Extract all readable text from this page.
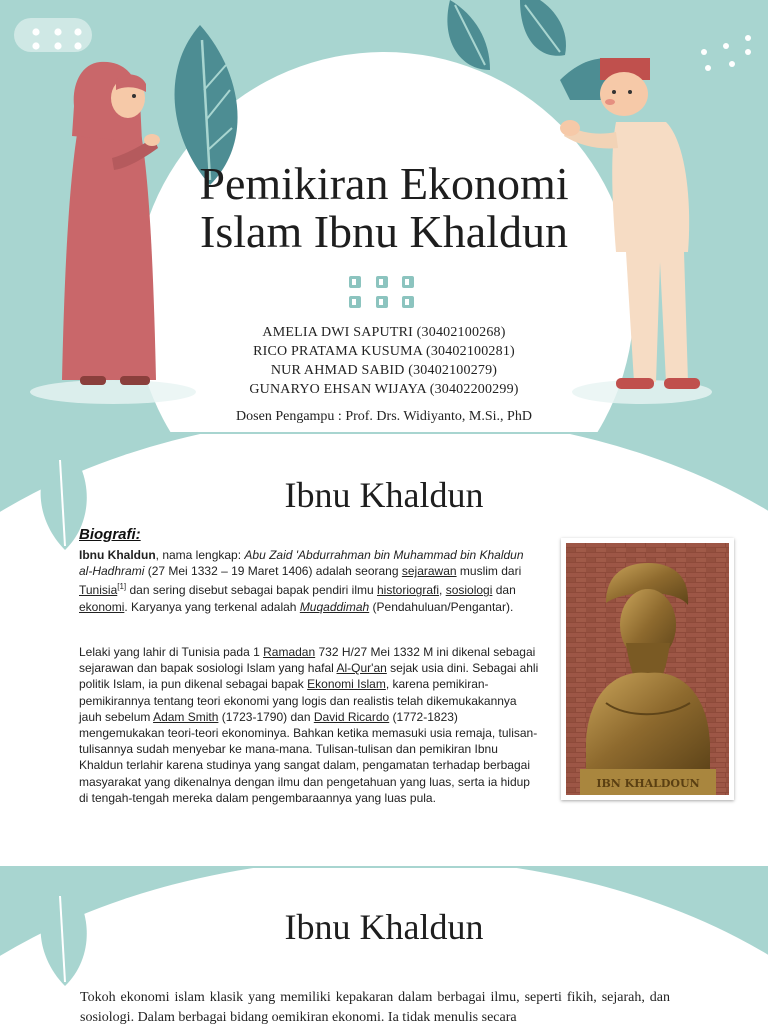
Pemikiran Ekonomi
Islam Ibnu Khaldun
AMELIA DWI SAPUTRI (30402100268)
RICO PRATAMA KUSUMA (30402100281)
NUR AHMAD SABID (30402100279)
GUNARYO EHSAN WIJAYA (30402200299)
Dosen Pengampu : Prof. Drs. Widiyanto, M.Si., PhD
Ibnu Khaldun
Biografi:

Ibnu Khaldun, nama lengkap: Abu Zaid 'Abdurrahman bin Muhammad bin Khaldun al-Hadhrami (27 Mei 1332 – 19 Maret 1406) adalah seorang sejarawan muslim dari Tunisia[1] dan sering disebut sebagai bapak pendiri ilmu historiografi, sosiologi dan ekonomi. Karyanya yang terkenal adalah Muqaddimah (Pendahuluan/Pengantar).

Lelaki yang lahir di Tunisia pada 1 Ramadan 732 H/27 Mei 1332 M ini dikenal sebagai sejarawan dan bapak sosiologi Islam yang hafal Al-Qur'an sejak usia dini. Sebagai ahli politik Islam, ia pun dikenal sebagai bapak Ekonomi Islam, karena pemikiran-pemikirannya tentang teori ekonomi yang logis dan realistis telah dikemukakannya jauh sebelum Adam Smith (1723-1790) dan David Ricardo (1772-1823) mengemukakan teori-teori ekonominya. Bahkan ketika memasuki usia remaja, tulisan-tulisannya sudah menyebar ke mana-mana. Tulisan-tulisan dan pemikiran Ibnu Khaldun terlahir karena studinya yang sangat dalam, pengamatan terhadap berbagai masyarakat yang dikenalnya dengan ilmu dan pengetahuan yang luas, serta ia hidup di tengah-tengah mereka dalam pengembaraannya yang luas pula.

IBN KHALDOUN
Ibnu Khaldun

Tokoh ekonomi islam klasik yang memiliki kepakaran dalam berbagai ilmu, seperti fikih, sejarah, dan sosiologi. Dalam berbagai bidang oemikiran ekonomi. Ia tidak menulis secara
